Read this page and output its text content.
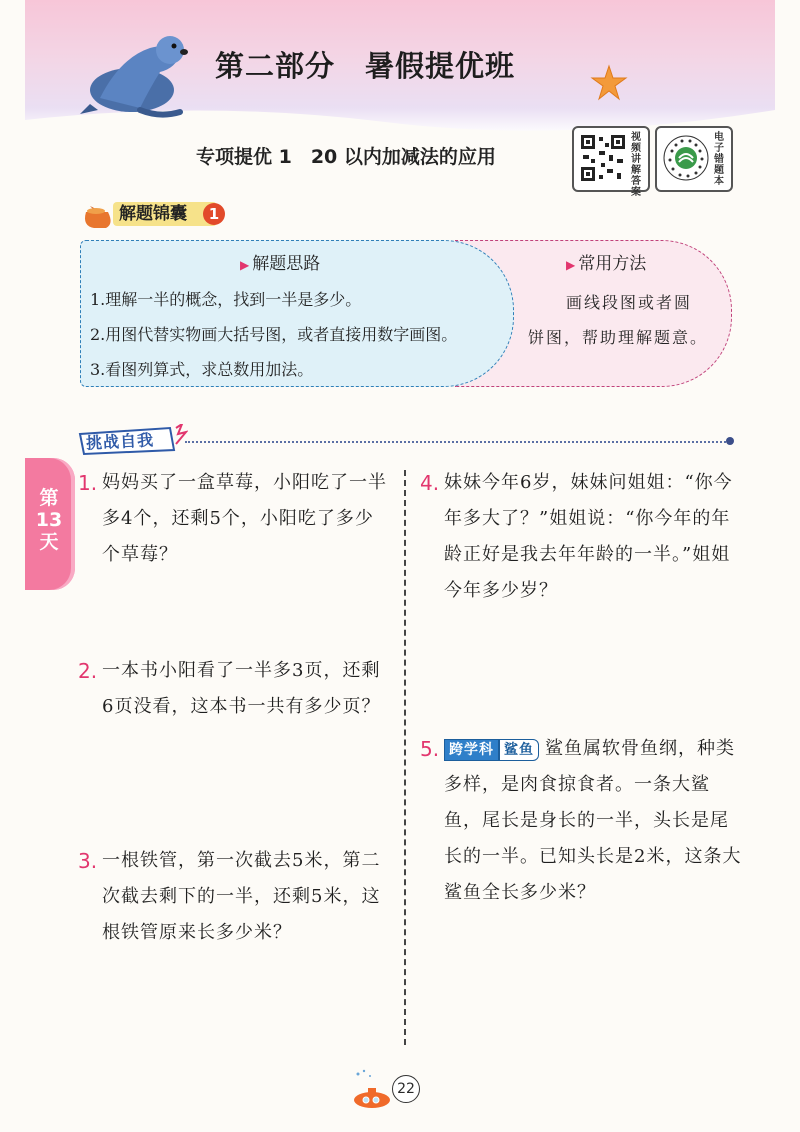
第二部分　暑假提优班
专项提优 1　20 以内加减法的应用
视频讲解答案
电子错题本
解题锦囊	1
▶ 解题思路
1.理解一半的概念，找到一半是多少。
2.用图代替实物画大括号图，或者直接用数字画图。
3.看图列算式，求总数用加法。
▶ 常用方法
画线段图或者圆饼图，帮助理解题意。
挑战自我
第13天
1. 妈妈买了一盒草莓，小阳吃了一半多4个，还剩5个，小阳吃了多少个草莓？
2. 一本书小阳看了一半多3页，还剩6页没看，这本书一共有多少页？
3. 一根铁管，第一次截去5米，第二次截去剩下的一半，还剩5米，这根铁管原来长多少米？
4. 妹妹今年6岁，妹妹问姐姐：“你今年多大了？”姐姐说：“你今年的年龄正好是我去年年龄的一半。”姐姐今年多少岁？
5. 跨学科 鲨鱼 鲨鱼属软骨鱼纲，种类多样，是肉食掠食者。一条大鲨鱼，尾长是身长的一半，头长是尾长的一半。已知头长是2米，这条大鲨鱼全长多少米？
22
